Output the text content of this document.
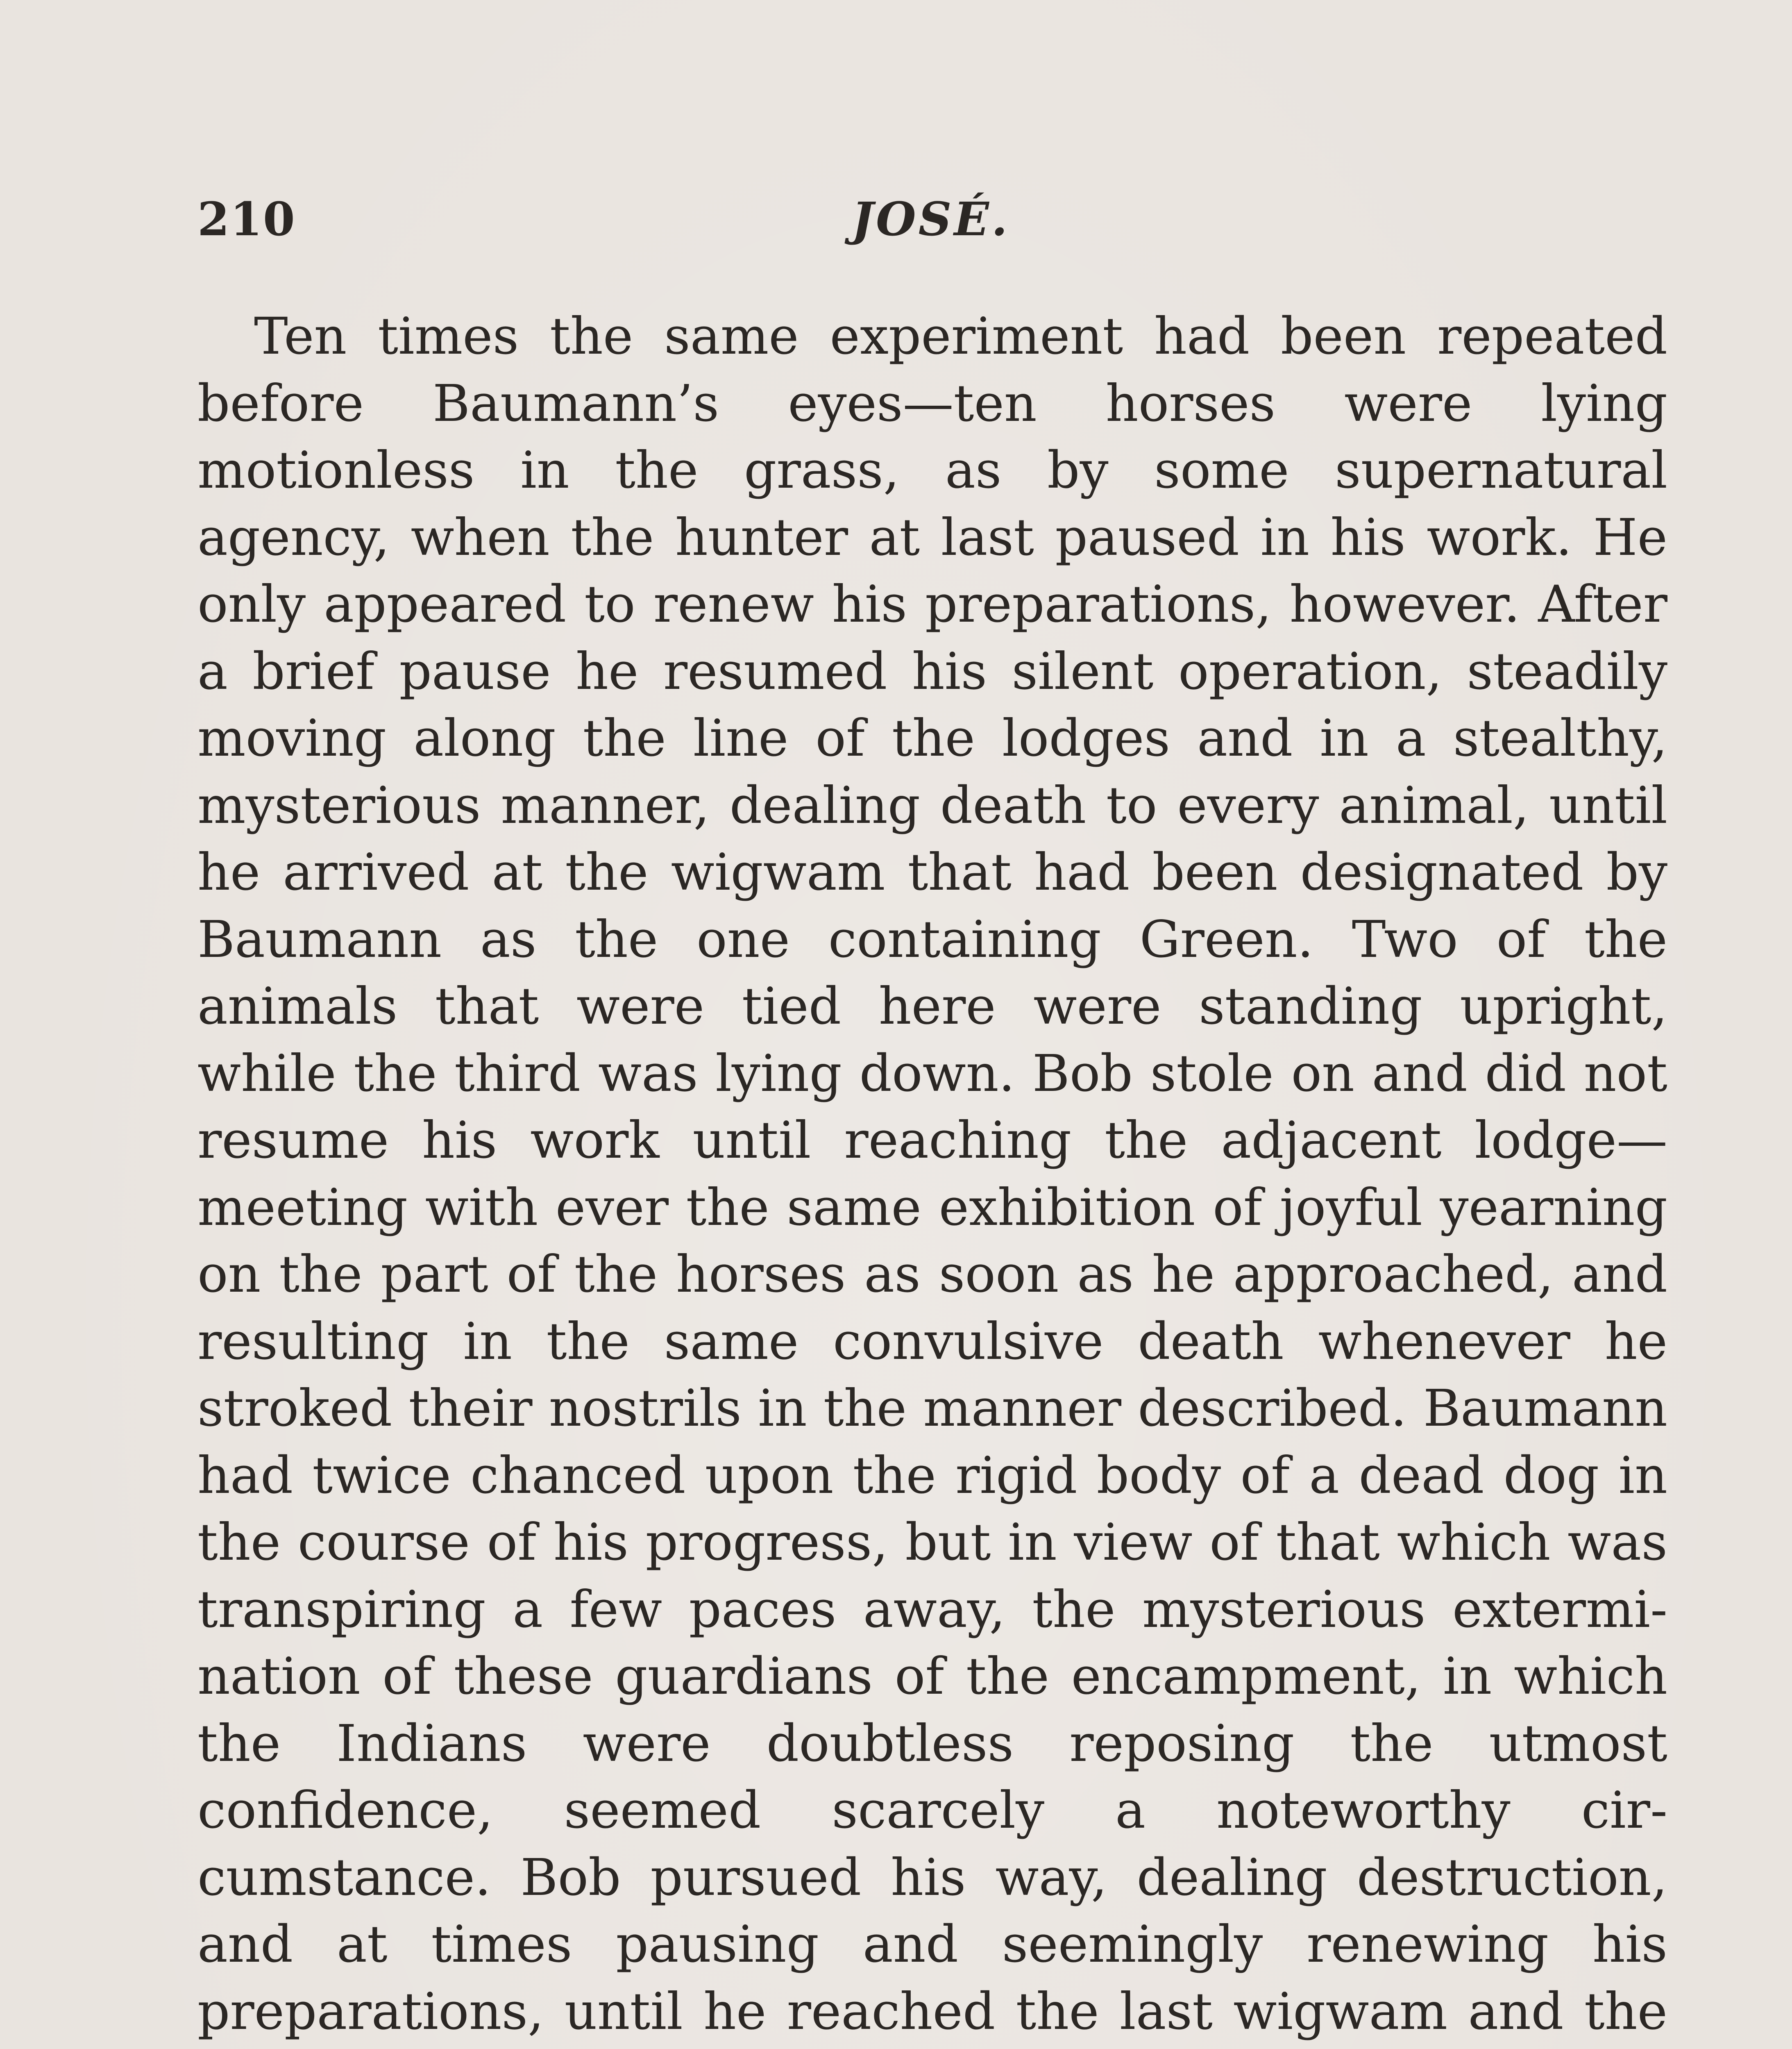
210	JOSÉ.

Ten times the same experiment had been repeated before Baumann’s eyes—ten horses were lying motionless in the grass, as by some supernatural agency, when the hunter at last paused in his work. He only appeared to renew his preparations, however. After a brief pause he resumed his silent operation, steadily moving along the line of the lodges and in a stealthy, mysterious manner, dealing death to every animal, until he arrived at the wigwam that had been designated by Baumann as the one containing Green. Two of the animals that were tied here were standing upright, while the third was lying down. Bob stole on and did not resume his work until reaching the adjacent lodge—meeting with ever the same exhibition of joyful yearning on the part of the horses as soon as he approached, and resulting in the same convulsive death whenever he stroked their nostrils in the manner described. Baumann had twice chanced upon the rigid body of a dead dog in the course of his progress, but in view of that which was transpiring a few paces away, the mysterious extermination of these guardians of the encampment, in which the Indians were doubtless reposing the utmost confidence, seemed scarcely a noteworthy circumstance. Bob pursued his way, dealing destruction, and at times pausing and seemingly renewing his preparations, until he reached the last wigwam and the
